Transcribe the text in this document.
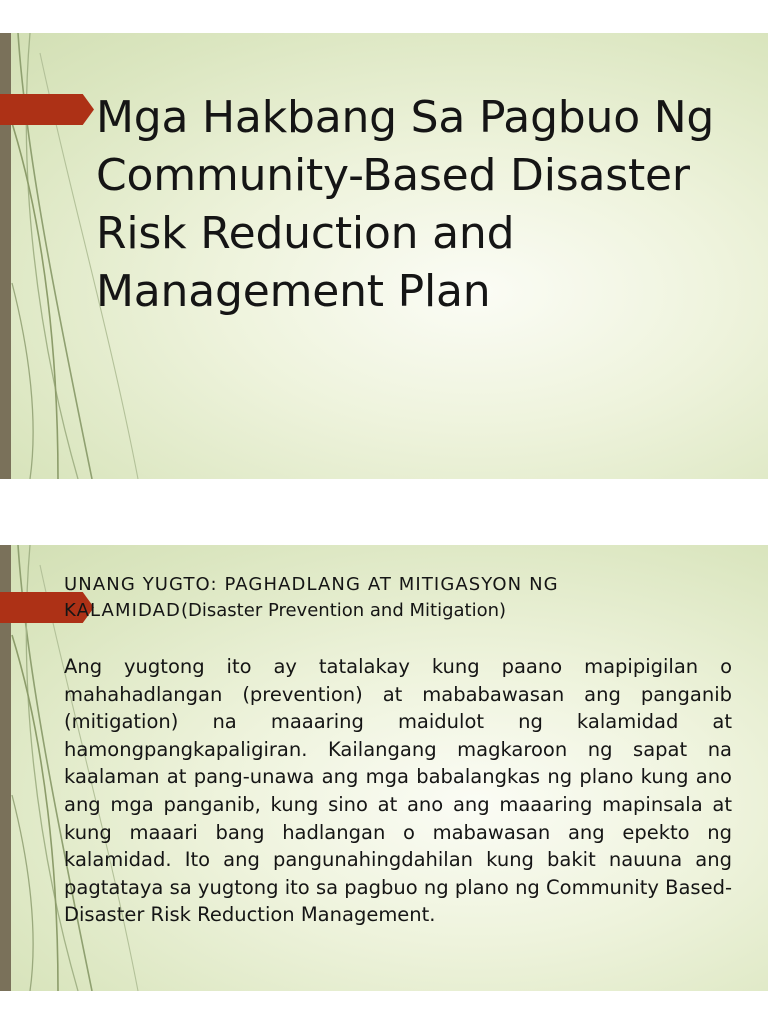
Mga Hakbang Sa Pagbuo Ng Community-Based Disaster Risk Reduction and Management Plan
UNANG YUGTO: PAGHADLANG AT MITIGASYON NG KALAMIDAD(Disaster Prevention and Mitigation)

Ang yugtong ito ay tatalakay kung paano mapipigilan o mahahadlangan (prevention) at mababawasan ang panganib (mitigation) na maaaring maidulot ng kalamidad at hamongpangkapaligiran. Kailangang magkaroon ng sapat na kaalaman at pang-unawa ang mga babalangkas ng plano kung ano ang mga panganib, kung sino at ano ang maaaring mapinsala at kung maaari bang hadlangan o mabawasan ang epekto ng kalamidad. Ito ang pangunahingdahilan kung bakit nauuna ang pagtataya sa yugtong ito sa pagbuo ng plano ng Community Based-Disaster Risk Reduction Management.
